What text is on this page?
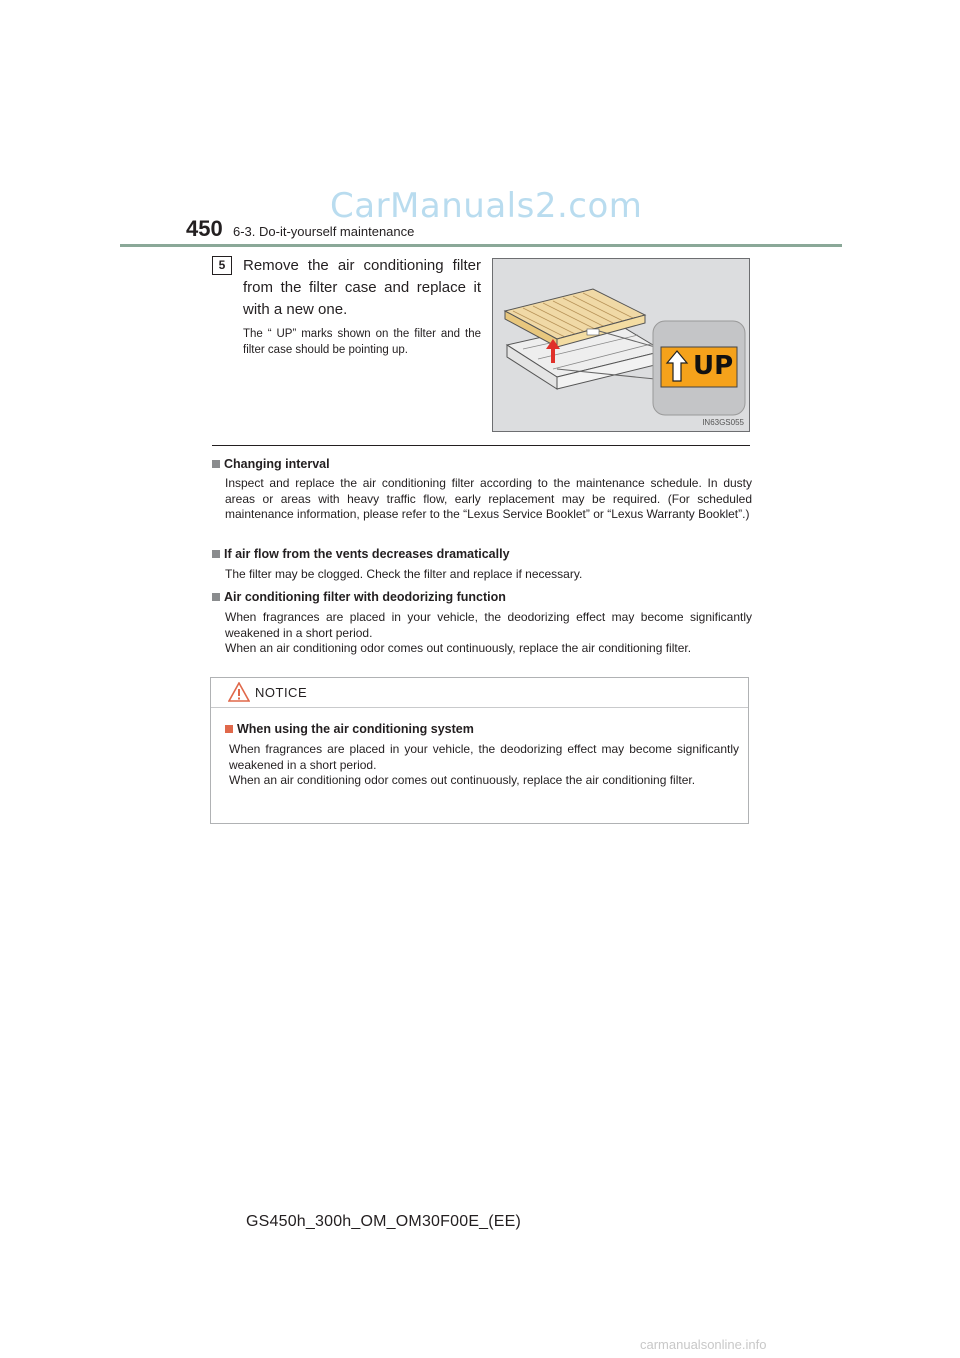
CarManuals2.com
450 6-3. Do-it-yourself maintenance
5	Remove the air conditioning filter from the filter case and replace it with a new one.
The “ UP” marks shown on the filter and the filter case should be pointing up.
UP
IN63GS055
Changing interval
Inspect and replace the air conditioning filter according to the maintenance schedule. In dusty areas or areas with heavy traffic flow, early replacement may be required. (For scheduled maintenance information, please refer to the “Lexus Service Booklet” or “Lexus Warranty Booklet”.)
If air flow from the vents decreases dramatically
The filter may be clogged. Check the filter and replace if necessary.
Air conditioning filter with deodorizing function
When fragrances are placed in your vehicle, the deodorizing effect may become significantly weakened in a short period.
When an air conditioning odor comes out continuously, replace the air conditioning filter.
NOTICE
When using the air conditioning system
When fragrances are placed in your vehicle, the deodorizing effect may become significantly weakened in a short period.
When an air conditioning odor comes out continuously, replace the air conditioning filter.
GS450h_300h_OM_OM30F00E_(EE)
carmanualsonline.info
